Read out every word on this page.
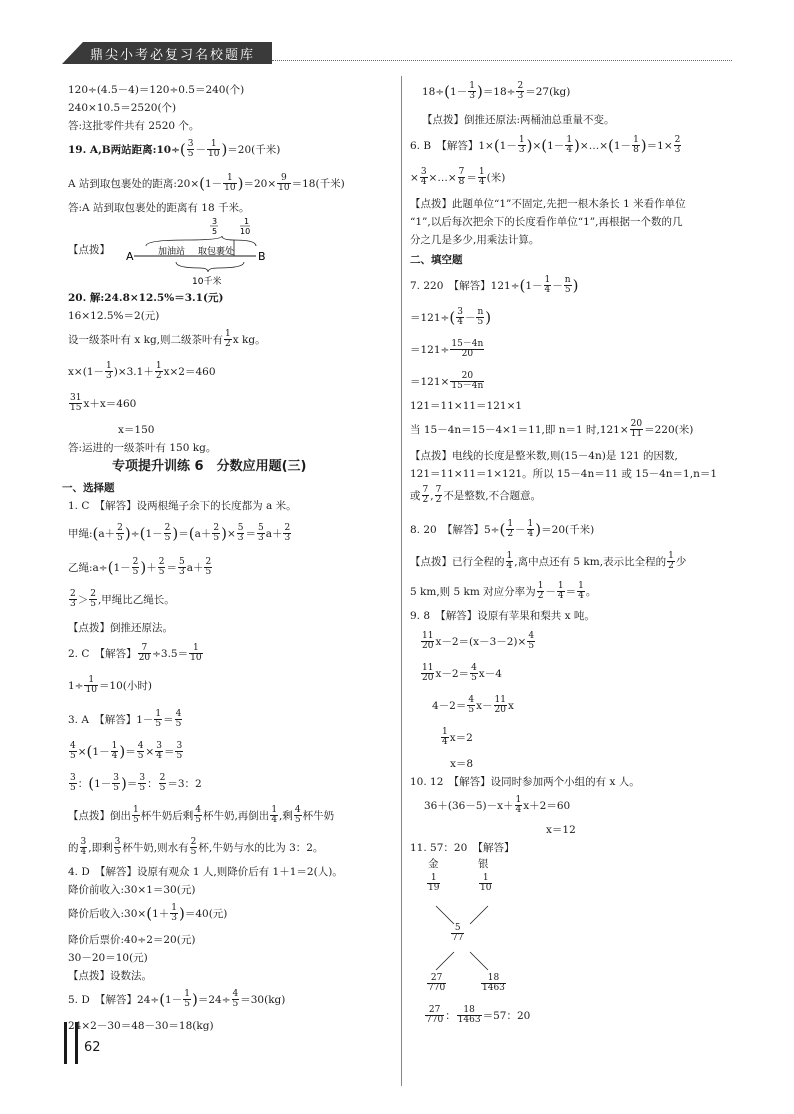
鼎尖小考必复习名校题库
120÷(4.5－4)＝120÷0.5＝240(个)
240×10.5＝2520(个)
答:这批零件共有 2520 个。
19. A,B两站距离:10÷( $\frac{3}{5} - \frac{1}{10} )=20$(千米)
A 站到取包裹处的距离:20×(1－ $\frac{1}{10} )=20\times \frac{9}{10} =18$(千米)
答:A 站到取包裹处的距离有 18 千米。
【点拨】 A	B
3
5
1
10
加油站 取包裹处
10千米
20. 解:24.8×12.5%＝3.1(元)
16×12.5%＝2(元)
设一级茶叶有 x kg,则二级茶叶有 $\frac{1}{2}$ x kg。
$x\times(1- \frac{1}{3} )\times 3.1+ \frac{1}{2} x\times 2=460$
$\frac{31}{15} x+x=460$
x＝150
答:运进的一级茶叶有 150 kg。
专项提升训练 6　分数应用题(三)
一、选择题
1. C　【解答】设两根绳子余下的长度都为 a 米。
甲绳:(a＋ $\frac{2}{5} )\div(1- \frac{2}{5} )=(a+ \frac{2}{5}$ )× $\frac{5}{3} = \frac{5}{3} a+ \frac{2}{3}$
乙绳:a÷(1－ $\frac{2}{5}$ )＋ $\frac{2}{5} = \frac{5}{3} a+ \frac{2}{5}$
$\frac{2}{3} > \frac{2}{5}$ ,甲绳比乙绳长。
【点拨】倒推还原法。
2. C　【解答】 $\frac{7}{20} \div 3.5= \frac{1}{10}$
$1\div \frac{1}{10} =10$(小时)
3. A　【解答】$1- \frac{1}{5} = \frac{4}{5}$
$\frac{4}{5} \times(1- \frac{1}{4}$ )＝ $\frac{4}{5} \times \frac{3}{4} = \frac{3}{5}$
$\frac{3}{5}$ ：($1- \frac{3}{5}$ )＝ $\frac{3}{5}$ ： $\frac{2}{5} =3$：2
【点拨】倒出 $\frac{1}{5}$ 杯牛奶后剩 $\frac{4}{5}$ 杯牛奶,再倒出 $\frac{1}{4}$ ,剩 $\frac{4}{5}$ 杯牛奶
的 $\frac{3}{4}$ ,即剩 $\frac{3}{5}$ 杯牛奶,则水有 $\frac{2}{5}$ 杯,牛奶与水的比为 3：2。
4. D　【解答】设原有观众 1 人,则降价后有 1＋1＝2(人)。
降价前收入:30×1＝30(元)
降价后收入:30×(1＋ $\frac{1}{3} )=40$(元)
降价后票价:40÷2＝20(元)
30－20＝10(元)
【点拨】设数法。
5. D　【解答】$24\div(1- \frac{1}{5} )=24\div \frac{4}{5} =30(kg)$
24×2－30＝48－30＝18(kg)
$18\div(1- \frac{1}{3} )=18\div \frac{2}{3} =27(kg)$
【点拨】倒推还原法:两桶油总重量不变。
6. B　【解答】$1\times(1- \frac{1}{3} )\times(1- \frac{1}{4}$ )×…×(1－ $\frac{1}{8} )=1\times \frac{2}{3}$
× $\frac{3}{4}$ ×…× $\frac{7}{8} = \frac{1}{4}$ (米)
【点拨】此题单位“1”不固定,先把一根木条长 1 米看作单位
“1”,以后每次把余下的长度看作单位“1”,再根据一个数的几
分之几是多少,用乘法计算。
二、填空题
7. 220　【解答】$121\div(1- \frac{1}{4} - \frac{n}{5}$ )
$=121\div( \frac{3}{4} - \frac{n}{5}$ )
$=121\div \frac{15-4n}{20}$
$=121\times \frac{20}{15-4n}$
121＝11×11＝121×1
当 15－4n＝15－4×1＝11,即 n＝1 时$,121\times \frac{20}{11} =220$(米)
【点拨】电线的长度是整米数,则(15－4n)是 121 的因数,
121＝11×11＝1×121。所以 15－4n＝11 或 15－4n＝1,n＝1
或 $\frac{7}{2}$ , $\frac{7}{2}$ 不是整数,不合题意。
8. 20　【解答】$5\div( \frac{1}{2} - \frac{1}{4} )=20$(千米)
【点拨】已行全程的 $\frac{1}{4}$ ,离中点还有 5 km,表示比全程的 $\frac{1}{2}$ 少
5 km,则 5 km 对应分率为 $\frac{1}{2} - \frac{1}{4} = \frac{1}{4}$ 。
9. 8　【解答】设原有苹果和梨共 x 吨。
$\frac{11}{20} x-2=(x-3-2)\times \frac{4}{5}$
$\frac{11}{20} x-2= \frac{4}{5} x-4$
$4-2= \frac{4}{5} x- \frac{11}{20}$ x
$\frac{1}{4} x=2$
x＝8
10. 12　【解答】设同时参加两个小组的有 x 人。
$36+(36-5)-x+ \frac{1}{4} x+2=60$
x＝12
11. 57：20　【解答】
金	银
$\frac{1}{19}$	$\frac{1}{10}$
$\frac{5}{77}$
$\frac{27}{770}$	$\frac{18}{1463}$
$\frac{27}{770}$ ： $\frac{18}{1463} =57$：20
62
